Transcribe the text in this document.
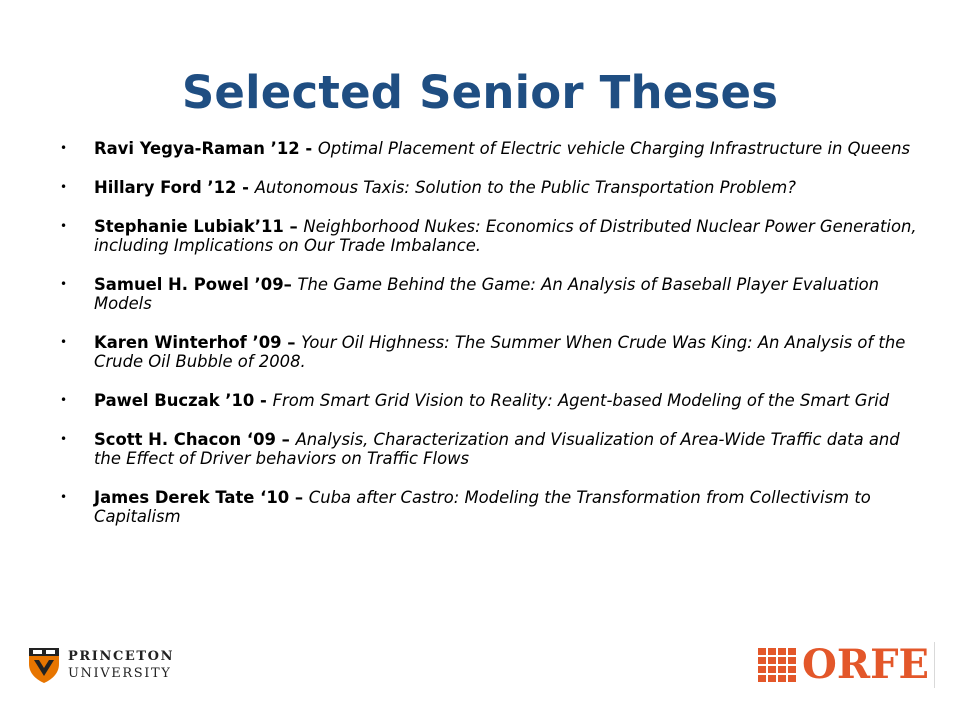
Selected Senior Theses
• Ravi Yegya-Raman ’12 - Optimal Placement of Electric vehicle Charging Infrastructure in Queens
• Hillary Ford ’12 - Autonomous Taxis: Solution to the Public Transportation Problem?
• Stephanie Lubiak’11 – Neighborhood Nukes: Economics of Distributed Nuclear Power Generation, including Implications on Our Trade Imbalance.
• Samuel H. Powel ’09– The Game Behind the Game: An Analysis of Baseball Player Evaluation Models
• Karen Winterhof ’09 – Your Oil Highness: The Summer When Crude Was King: An Analysis of the Crude Oil Bubble of 2008.
• Pawel Buczak ’10 - From Smart Grid Vision to Reality: Agent-based Modeling of the Smart Grid
• Scott H. Chacon ‘09 – Analysis, Characterization and Visualization of Area-Wide Traffic data and the Effect of Driver behaviors on Traffic Flows
• James Derek Tate ‘10 – Cuba after Castro: Modeling the Transformation from Collectivism to Capitalism
PRINCETON
UNIVERSITY	ORFE
